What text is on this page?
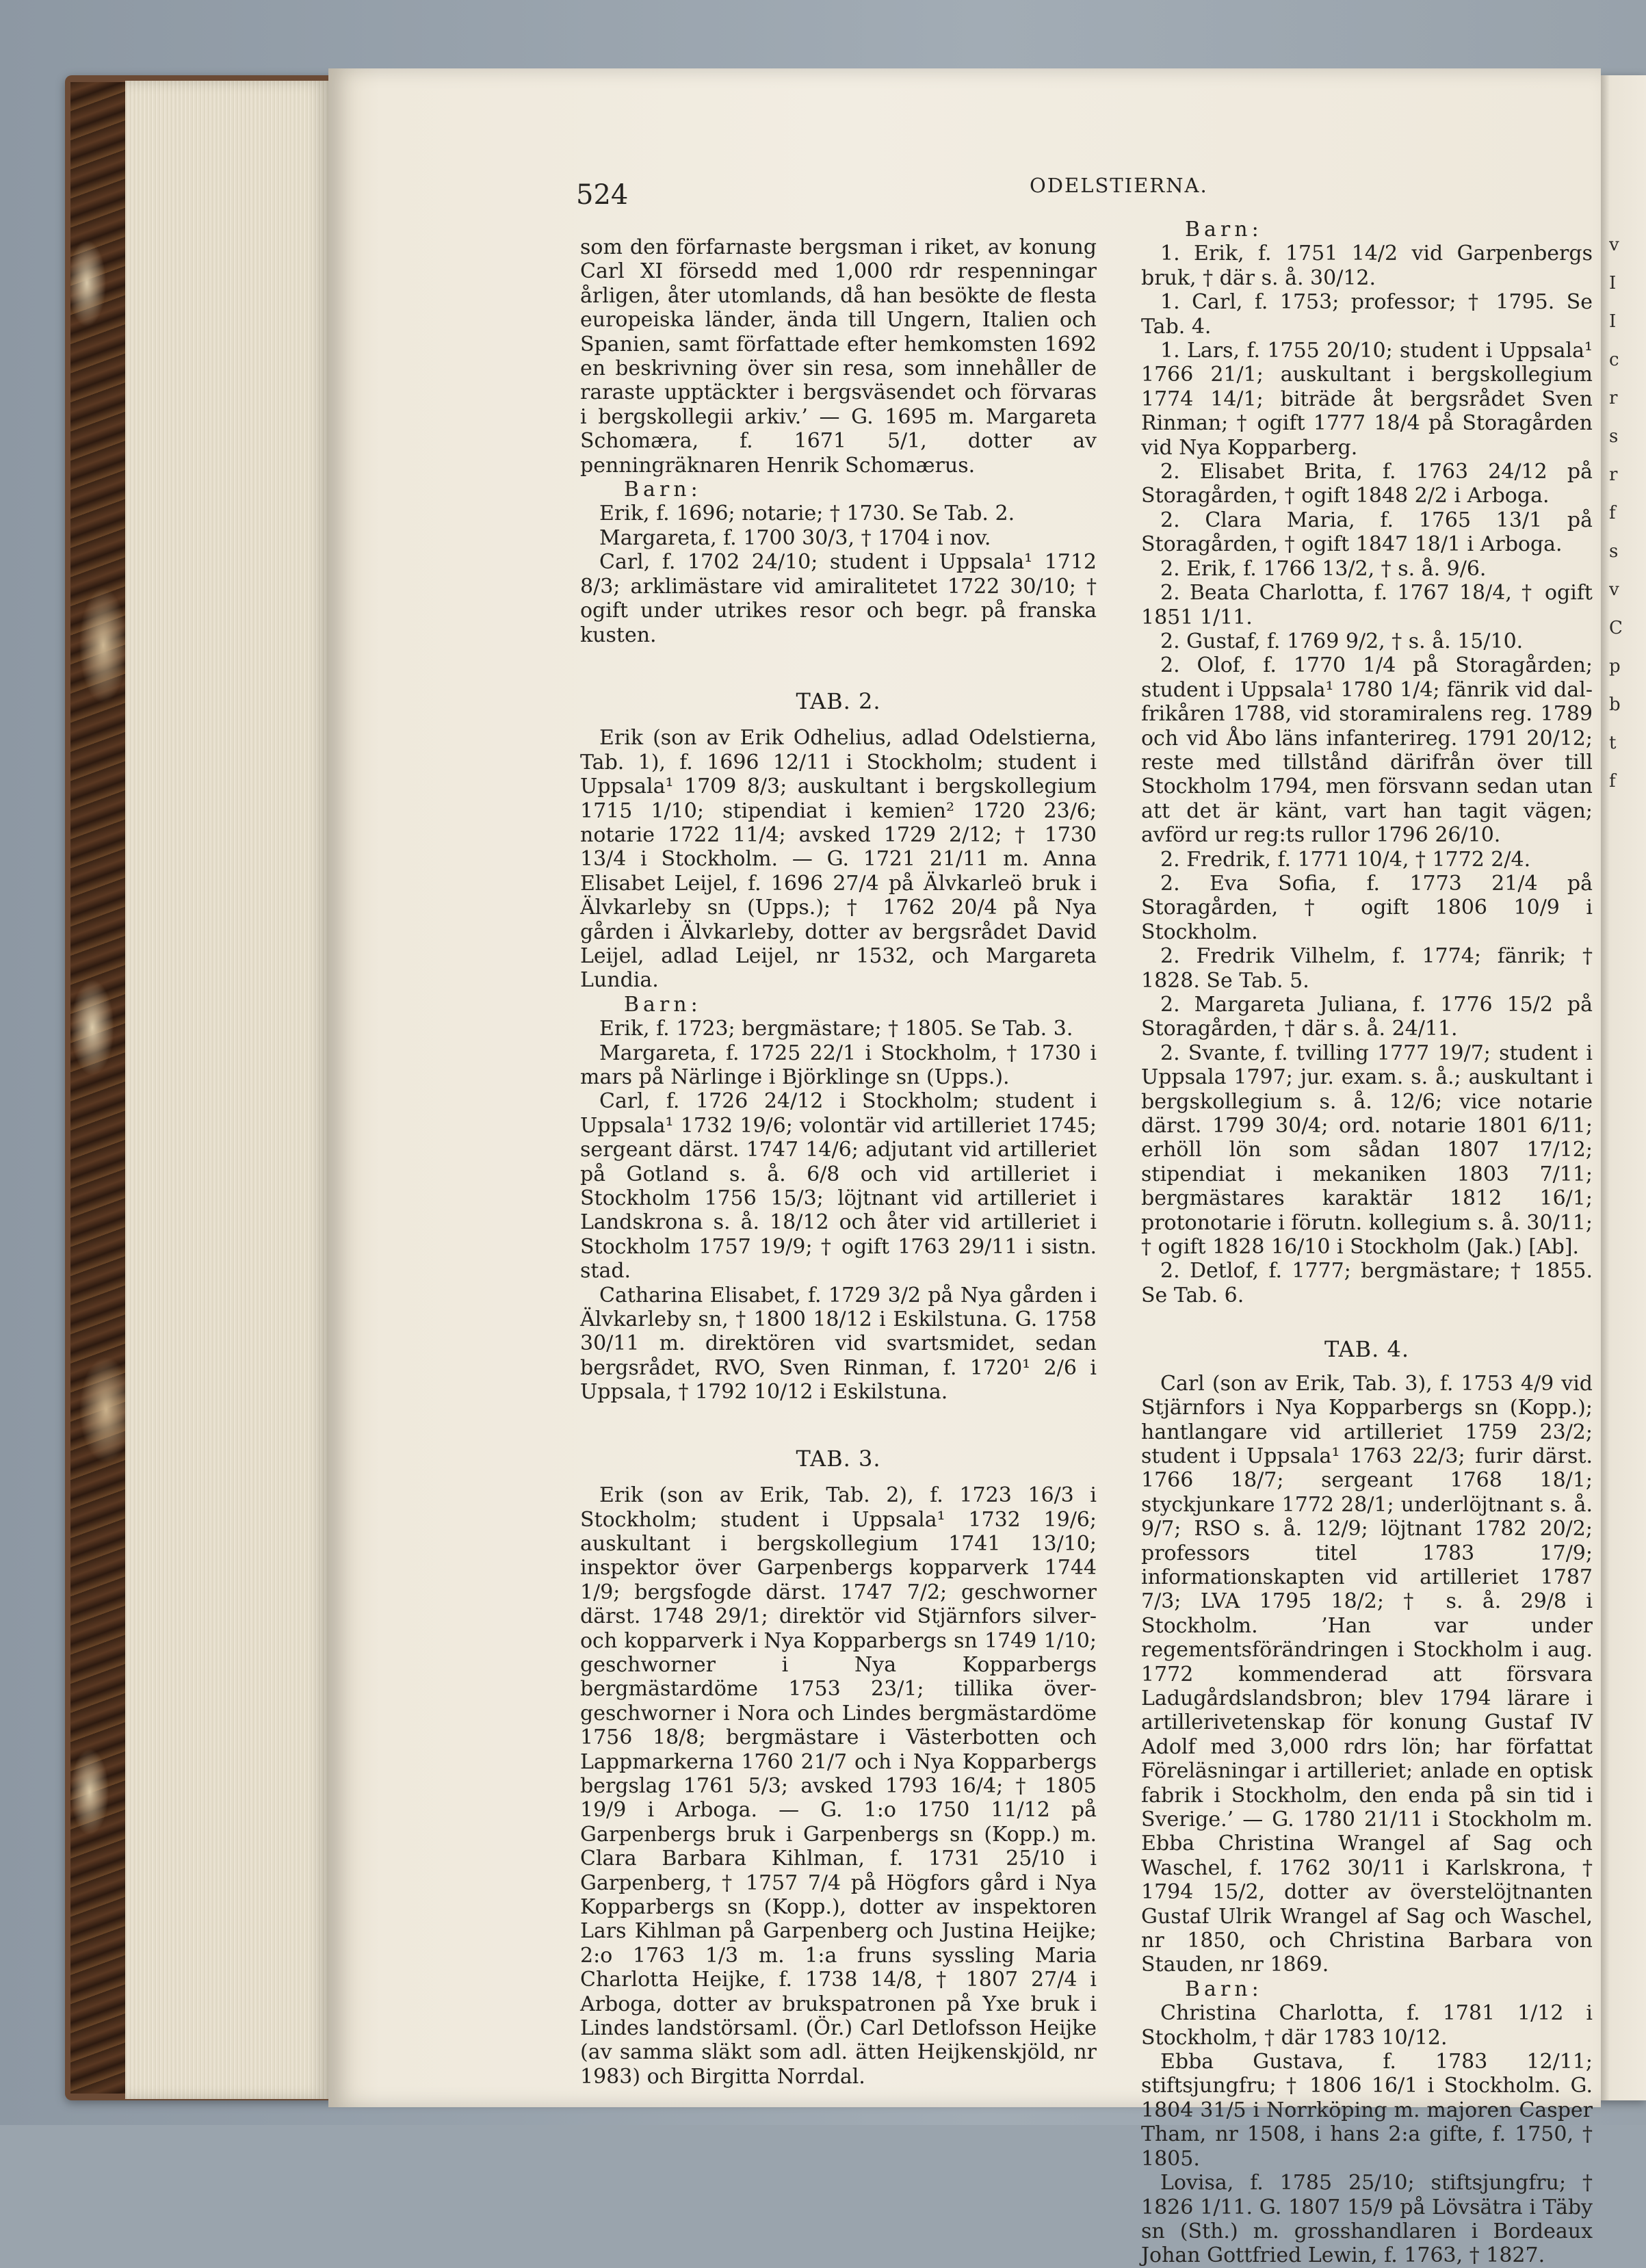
v
I
I
c
r
s
r
f
s
v
C
p
b
t
f
524	ODELSTIERNA.

som den förfarnaste bergsman i riket, av konung Carl XI försedd med 1,000 rdr respenningar årligen, åter utomlands, då han besökte de flesta europeiska länder, ända till Ungern, Italien och Spanien, samt författade efter hemkomsten 1692 en beskrivning över sin resa, som innehåller de raraste upptäckter i bergsväsendet och förvaras i bergskollegii arkiv.’ — G. 1695 m. Margareta Schomæra, f. 1671 5/1, dotter av penningräknaren Henrik Schomærus.

Barn:

Erik, f. 1696; notarie; † 1730. Se Tab. 2.

Margareta, f. 1700 30/3, † 1704 i nov.

Carl, f. 1702 24/10; student i Uppsala¹ 1712 8/3; arklimästare vid amiralitetet 1722 30/10; † ogift under utrikes resor och begr. på franska kusten.

TAB. 2.

Erik (son av Erik Odhelius, adlad Odelstierna, Tab. 1), f. 1696 12/11 i Stockholm; student i Uppsala¹ 1709 8/3; auskultant i bergskollegium 1715 1/10; stipendiat i kemien² 1720 23/6; notarie 1722 11/4; avsked 1729 2/12; † 1730 13/4 i Stockholm. — G. 1721 21/11 m. Anna Elisabet Leijel, f. 1696 27/4 på Älvkarleö bruk i Älvkarleby sn (Upps.); † 1762 20/4 på Nya gården i Älvkarleby, dotter av bergsrådet David Leijel, adlad Leijel, nr 1532, och Margareta Lundia.

Barn:

Erik, f. 1723; bergmästare; † 1805. Se Tab. 3.

Margareta, f. 1725 22/1 i Stockholm, † 1730 i mars på Närlinge i Björklinge sn (Upps.).

Carl, f. 1726 24/12 i Stockholm; student i Uppsala¹ 1732 19/6; volontär vid artilleriet 1745; sergeant därst. 1747 14/6; adjutant vid artilleriet på Gotland s. å. 6/8 och vid artilleriet i Stockholm 1756 15/3; löjtnant vid artilleriet i Landskrona s. å. 18/12 och åter vid artilleriet i Stockholm 1757 19/9; † ogift 1763 29/11 i sistn. stad.

Catharina Elisabet, f. 1729 3/2 på Nya gården i Älvkarleby sn, † 1800 18/12 i Eskilstuna. G. 1758 30/11 m. direktören vid svartsmidet, sedan bergsrådet, RVO, Sven Rinman, f. 1720¹ 2/6 i Uppsala, † 1792 10/12 i Eskilstuna.

TAB. 3.

Erik (son av Erik, Tab. 2), f. 1723 16/3 i Stockholm; student i Uppsala¹ 1732 19/6; auskultant i bergskollegium 1741 13/10; inspektor över Garpenbergs kopparverk 1744 1/9; bergsfogde därst. 1747 7/2; geschworner därst. 1748 29/1; direktör vid Stjärnfors silver- och kopparverk i Nya Kopparbergs sn 1749 1/10; geschworner i Nya Kopparbergs bergmästardöme 1753 23/1; tillika över-geschworner i Nora och Lindes bergmästardöme 1756 18/8; bergmästare i Västerbotten och Lappmarkerna 1760 21/7 och i Nya Kopparbergs bergslag 1761 5/3; avsked 1793 16/4; † 1805 19/9 i Arboga. — G. 1:o 1750 11/12 på Garpenbergs bruk i Garpenbergs sn (Kopp.) m. Clara Barbara Kihlman, f. 1731 25/10 i Garpenberg, † 1757 7/4 på Högfors gård i Nya Kopparbergs sn (Kopp.), dotter av inspektoren Lars Kihlman på Garpenberg och Justina Heijke; 2:o 1763 1/3 m. 1:a fruns syssling Maria Charlotta Heijke, f. 1738 14/8, † 1807 27/4 i Arboga, dotter av brukspatronen på Yxe bruk i Lindes landstörsaml. (Ör.) Carl Detlofsson Heijke (av samma släkt som adl. ätten Heijkenskjöld, nr 1983) och Birgitta Norrdal.

Barn:

1. Erik, f. 1751 14/2 vid Garpenbergs bruk, † där s. å. 30/12.

1. Carl, f. 1753; professor; † 1795. Se Tab. 4.

1. Lars, f. 1755 20/10; student i Uppsala¹ 1766 21/1; auskultant i bergskollegium 1774 14/1; biträde åt bergsrådet Sven Rinman; † ogift 1777 18/4 på Storagården vid Nya Kopparberg.

2. Elisabet Brita, f. 1763 24/12 på Storagården, † ogift 1848 2/2 i Arboga.

2. Clara Maria, f. 1765 13/1 på Storagården, † ogift 1847 18/1 i Arboga.

2. Erik, f. 1766 13/2, † s. å. 9/6.

2. Beata Charlotta, f. 1767 18/4, † ogift 1851 1/11.

2. Gustaf, f. 1769 9/2, † s. å. 15/10.

2. Olof, f. 1770 1/4 på Storagården; student i Uppsala¹ 1780 1/4; fänrik vid dal-frikåren 1788, vid storamiralens reg. 1789 och vid Åbo läns infanterireg. 1791 20/12; reste med tillstånd därifrån över till Stockholm 1794, men försvann sedan utan att det är känt, vart han tagit vägen; avförd ur reg:ts rullor 1796 26/10.

2. Fredrik, f. 1771 10/4, † 1772 2/4.

2. Eva Sofia, f. 1773 21/4 på Storagården, † ogift 1806 10/9 i Stockholm.

2. Fredrik Vilhelm, f. 1774; fänrik; † 1828. Se Tab. 5.

2. Margareta Juliana, f. 1776 15/2 på Storagården, † där s. å. 24/11.

2. Svante, f. tvilling 1777 19/7; student i Uppsala 1797; jur. exam. s. å.; auskultant i bergskollegium s. å. 12/6; vice notarie därst. 1799 30/4; ord. notarie 1801 6/11; erhöll lön som sådan 1807 17/12; stipendiat i mekaniken 1803 7/11; bergmästares karaktär 1812 16/1; protonotarie i förutn. kollegium s. å. 30/11; † ogift 1828 16/10 i Stockholm (Jak.) [Ab].

2. Detlof, f. 1777; bergmästare; † 1855. Se Tab. 6.

TAB. 4.

Carl (son av Erik, Tab. 3), f. 1753 4/9 vid Stjärnfors i Nya Kopparbergs sn (Kopp.); hantlangare vid artilleriet 1759 23/2; student i Uppsala¹ 1763 22/3; furir därst. 1766 18/7; sergeant 1768 18/1; styckjunkare 1772 28/1; underlöjtnant s. å. 9/7; RSO s. å. 12/9; löjtnant 1782 20/2; professors titel 1783 17/9; informationskapten vid artilleriet 1787 7/3; LVA 1795 18/2; † s. å. 29/8 i Stockholm. ’Han var under regementsförändringen i Stockholm i aug. 1772 kommenderad att försvara Ladugårdslandsbron; blev 1794 lärare i artillerivetenskap för konung Gustaf IV Adolf med 3,000 rdrs lön; har författat Föreläsningar i artilleriet; anlade en optisk fabrik i Stockholm, den enda på sin tid i Sverige.’ — G. 1780 21/11 i Stockholm m. Ebba Christina Wrangel af Sag och Waschel, f. 1762 30/11 i Karlskrona, † 1794 15/2, dotter av överstelöjtnanten Gustaf Ulrik Wrangel af Sag och Waschel, nr 1850, och Christina Barbara von Stauden, nr 1869.

Barn:

Christina Charlotta, f. 1781 1/12 i Stockholm, † där 1783 10/12.

Ebba Gustava, f. 1783 12/11; stiftsjungfru; † 1806 16/1 i Stockholm. G. 1804 31/5 i Norrköping m. majoren Casper Tham, nr 1508, i hans 2:a gifte, f. 1750, † 1805.

Lovisa, f. 1785 25/10; stiftsjungfru; † 1826 1/11. G. 1807 15/9 på Lövsätra i Täby sn (Sth.) m. grosshandlaren i Bordeaux Johan Gottfried Lewin, f. 1763, † 1827.
